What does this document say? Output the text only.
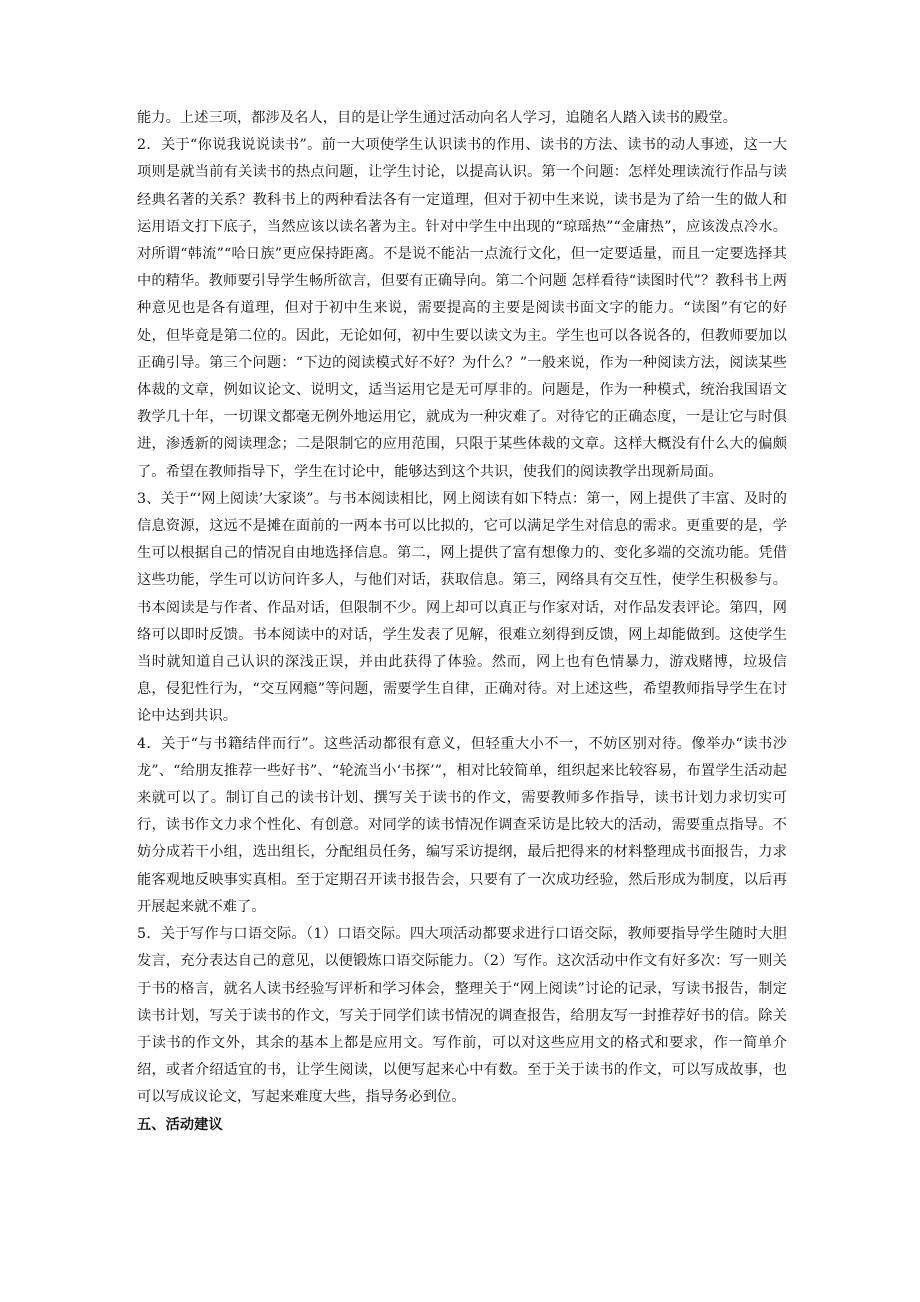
能力。上述三项，都涉及名人，目的是让学生通过活动向名人学习，追随名人踏入读书的殿堂。

2．关于“你说我说说读书”。前一大项使学生认识读书的作用、读书的方法、读书的动人事迹，这一大项则是就当前有关读书的热点问题，让学生讨论，以提高认识。第一个问题：怎样处理读流行作品与读经典名著的关系？教科书上的两种看法各有一定道理，但对于初中生来说，读书是为了给一生的做人和运用语文打下底子，当然应该以读名著为主。针对中学生中出现的“琼瑶热”“金庸热”，应该泼点冷水。对所谓“韩流”“哈日族”更应保持距离。不是说不能沾一点流行文化，但一定要适量，而且一定要选择其中的精华。教师要引导学生畅所欲言，但要有正确导向。第二个问题 怎样看待“读图时代”？教科书上两种意见也是各有道理，但对于初中生来说，需要提高的主要是阅读书面文字的能力。“读图”有它的好处，但毕竟是第二位的。因此，无论如何，初中生要以读文为主。学生也可以各说各的，但教师要加以正确引导。第三个问题：“下边的阅读模式好不好？为什么？”一般来说，作为一种阅读方法，阅读某些体裁的文章，例如议论文、说明文，适当运用它是无可厚非的。问题是，作为一种模式，统治我国语文教学几十年，一切课文都毫无例外地运用它，就成为一种灾难了。对待它的正确态度，一是让它与时俱进，渗透新的阅读理念；二是限制它的应用范围，只限于某些体裁的文章。这样大概没有什么大的偏颇了。希望在教师指导下，学生在讨论中，能够达到这个共识，使我们的阅读教学出现新局面。

3、关于“‘网上阅读’大家谈”。与书本阅读相比，网上阅读有如下特点：第一，网上提供了丰富、及时的信息资源，这远不是摊在面前的一两本书可以比拟的，它可以满足学生对信息的需求。更重要的是，学生可以根据自己的情况自由地选择信息。第二，网上提供了富有想像力的、变化多端的交流功能。凭借这些功能，学生可以访问许多人，与他们对话，获取信息。第三，网络具有交互性，使学生积极参与。书本阅读是与作者、作品对话，但限制不少。网上却可以真正与作家对话，对作品发表评论。第四，网络可以即时反馈。书本阅读中的对话，学生发表了见解，很难立刻得到反馈，网上却能做到。这使学生当时就知道自己认识的深浅正误，并由此获得了体验。然而，网上也有色情暴力，游戏赌博，垃圾信息，侵犯性行为，“交互网瘾”等问题，需要学生自律，正确对待。对上述这些，希望教师指导学生在讨论中达到共识。

4．关于“与书籍结伴而行”。这些活动都很有意义，但轻重大小不一，不妨区别对待。像举办“读书沙龙”、“给朋友推荐一些好书”、“轮流当小‘书探’”，相对比较简单，组织起来比较容易，布置学生活动起来就可以了。制订自己的读书计划、撰写关于读书的作文，需要教师多作指导，读书计划力求切实可行，读书作文力求个性化、有创意。对同学的读书情况作调查采访是比较大的活动，需要重点指导。不妨分成若干小组，选出组长，分配组员任务，编写采访提纲，最后把得来的材料整理成书面报告，力求能客观地反映事实真相。至于定期召开读书报告会，只要有了一次成功经验，然后形成为制度，以后再开展起来就不难了。

5．关于写作与口语交际。（1）口语交际。四大项活动都要求进行口语交际，教师要指导学生随时大胆发言，充分表达自己的意见，以便锻炼口语交际能力。（2）写作。这次活动中作文有好多次：写一则关于书的格言，就名人读书经验写评析和学习体会，整理关于“网上阅读”讨论的记录，写读书报告，制定读书计划，写关于读书的作文，写关于同学们读书情况的调查报告，给朋友写一封推荐好书的信。除关于读书的作文外，其余的基本上都是应用文。写作前，可以对这些应用文的格式和要求，作一简单介绍，或者介绍适宜的书，让学生阅读，以便写起来心中有数。至于关于读书的作文，可以写成故事，也可以写成议论文，写起来难度大些，指导务必到位。

五、活动建议
